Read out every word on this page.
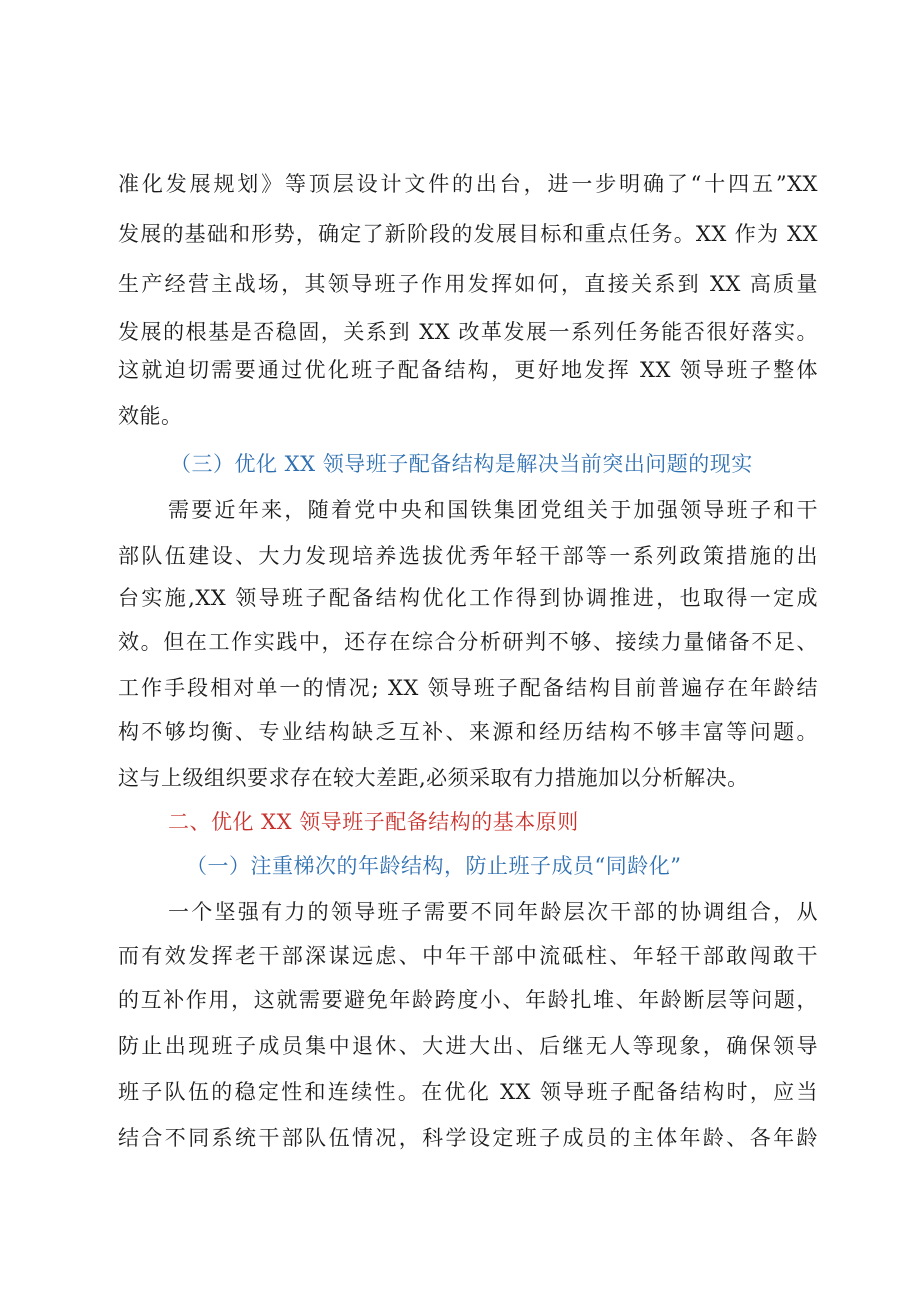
准化发展规划》等顶层设计文件的出台，进一步明确了“十四五”XX
发展的基础和形势，确定了新阶段的发展目标和重点任务。XX 作为 XX
生产经营主战场，其领导班子作用发挥如何，直接关系到 XX 高质量
发展的根基是否稳固，关系到 XX 改革发展一系列任务能否很好落实。
这就迫切需要通过优化班子配备结构，更好地发挥 XX 领导班子整体
效能。
（三）优化 XX 领导班子配备结构是解决当前突出问题的现实
需要近年来，随着党中央和国铁集团党组关于加强领导班子和干
部队伍建设、大力发现培养选拔优秀年轻干部等一系列政策措施的出
台实施,XX 领导班子配备结构优化工作得到协调推进，也取得一定成
效。但在工作实践中，还存在综合分析研判不够、接续力量储备不足、
工作手段相对单一的情况; XX 领导班子配备结构目前普遍存在年龄结
构不够均衡、专业结构缺乏互补、来源和经历结构不够丰富等问题。
这与上级组织要求存在较大差距,必须采取有力措施加以分析解决。
二、优化 XX 领导班子配备结构的基本原则
（一）注重梯次的年龄结构，防止班子成员“同龄化”
一个坚强有力的领导班子需要不同年龄层次干部的协调组合，从
而有效发挥老干部深谋远虑、中年干部中流砥柱、年轻干部敢闯敢干
的互补作用，这就需要避免年龄跨度小、年龄扎堆、年龄断层等问题，
防止出现班子成员集中退休、大进大出、后继无人等现象，确保领导
班子队伍的稳定性和连续性。在优化 XX 领导班子配备结构时，应当
结合不同系统干部队伍情况，科学设定班子成员的主体年龄、各年龄
